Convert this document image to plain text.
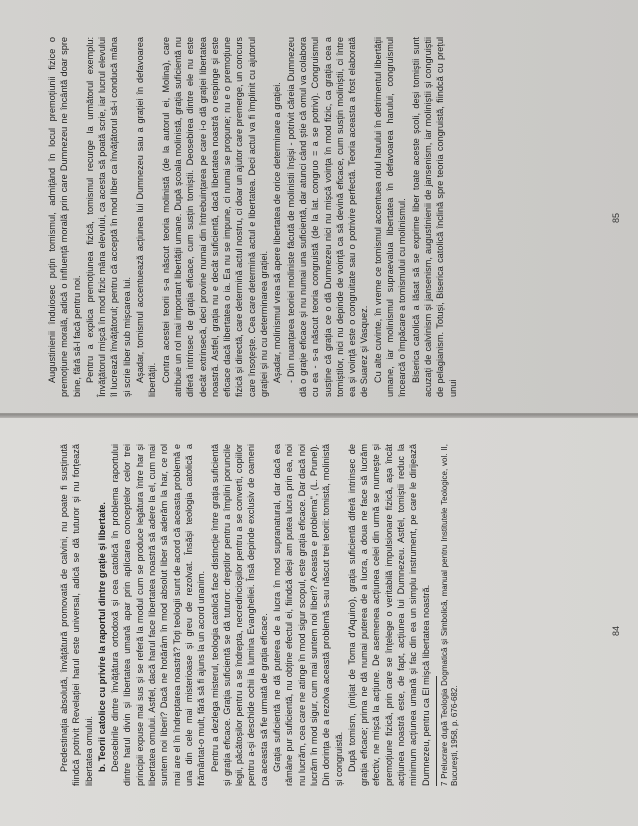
Predestinația absolută, învățătură promovată de calvini, nu poate fi susținută fiindcă potrivit Revelației harul este universal, adică se dă tuturor și nu forțează libertatea omului. b. Teorii catolice cu privire la raportul dintre grație și libertate. Deosebirile dintre învățătura ortodoxă și cea catolică în problema raportului dintre harul divin și libertatea umană apar prin aplicarea conceptelor celor trei principii expuse mai sus și se referă la modul cum se produce legătura între har și libertatea omului. Astfel, dacă harul face libertatea noastră să adere la el, cum mai suntem noi liberi? Dacă ne hotărâm în mod absolut liber să aderăm la har, ce rol mai are el în îndreptarea noastră? Toți teologii sunt de acord că aceasta problemă e una din cele mai misterioase și greu de rezolvat. Însăși teologia catolică a frământat-o mult, fără să fi ajuns la un acord unanim. Pentru a dezlega misterul, teologia catolică face distincție între grația suficientă și grația eficace. Grația suficientă se dă tuturor: dreptilor pentru a împlini poruncile legii, păcătoșilor pentru a se îndrepta, necredincioșilor pentru a se converti, copiilor pentru a-și deschide ochii la lumina Evangheliei. Însă depinde exclusiv de oameni ca aceasta să fie urmată de grația eficace. Grația suficientă ne dă puterea de a lucra în mod supranatural, dar dacă ea rămâne pur suficientă, nu obține efectul ei, fiindcă deși am putea lucra prin ea, noi nu lucrăm, cea care ne atinge în mod sigur scopul, este grația eficace. Dar dacă noi lucrăm în mod sigur, cum mai suntem noi liberi? Aceasta e problema", (L. Prunel). Din dorința de a rezolva această problemă s-au născut trei teorii: tomistă, molinistă și congruistă. După tomism, (inițiat de Toma d'Aquino), grația suficientă diferă intrinsec de grația eficace; prima ne dă numai puterea de a lucra, a doua ne face să lucrăm efectiv, ne mișcă la acțiune. De asemenea acțiunea celei din urmă se numește și premoțiune fizică, prin care se înțelege o veritabilă impulsionare fizică, așa încât acțiunea noastră este, de fapt, acțiunea lui Dumnezeu. Astfel, tomiștii reduc la minimum acțiunea umană și fac din ea un simplu instrument, pe care le dirijează Dumnezeu, pentru ca El mișcă libertatea noastră. 7 Prelucrare după Teologia Dogmatică și Simbolică, manual pentru Institutele Teologice, vol. II, București, 1958, p. 676-682.

84

Augustinienii înduioseс puțin tomismul, admițând în locul premoțiunii fizice o premoțiune morală, adică o influență morală prin care Dumnezeu ne încântă doar spre bine, fără să-l facă pentru noi. Pentru a explica premoțiunea fizică, tomismul recurge la următorul exemplu: Învățătorul mișcă în mod fizic mâna elevului, ca acesta să poată scrie, iar lucrul elevului îl lucrează învățătorul; pentru că acceptă în mod liber ca învățătorul să-i conducă mâna și scrie liber sub mișcarea lui. Așadar, tomismul accentuează acțiunea lui Dumnezeu sau a grației în defavoarea libertății. Contra acestei teorii s-a născut teoria molinistă (de la autorul ei, Molina), care atribuie un rol mai important libertății umane. După școala molinistă, grația suficientă nu diferă intrinsec de grația eficace, cum susțin tomiștii. Deosebirea dintre ele nu este decât extrinsecă, deci provine numai din întrebuințarea pe care i-o dă grației libertatea noastră. Astfel, grația nu e decât suficientă, dacă libertatea noastră o respinge și este eficace dacă libertatea o ia. Ea nu se impune, ci numai se propune; nu e o premoțiune fizică și directă, care determină actul nostru, ci doar un ajutor care premerge, un concurs care însoțește. Cea care determină actul e libertatea. Deci actul va fi împlinit cu ajutorul grației și nu cu determinarea grației. Așadar, molinismul vrea să apere libertatea de orice determinare a grației. - Din nuanțarea teoriei moliniste făcută de molinistii înșiși - potrivit căreia Dumnezeu dă o grație eficace și nu numai una suficientă, dar atunci când știe că omul va colabora cu ea - s-a născut teoria congruistă (de la lat. congruo = a se potrivi). Congruismul susține că grația ce o dă Dumnezeu nici nu mișcă voința în mod fizic, ca grația cea a tomiștilor, nici nu depinde de voință ca să devină eficace, cum susțin moliniștii, ci între ea și voință este o congruitate sau o potrivire perfectă. Teoria aceasta a fost elaborată de Suarez și Vasquez. Cu alte cuvinte, în vreme ce tomismul accentuea rolul harului în detrimentul libertății umane, iar molinismul supraevalua libertatea în defavoarea harului, congruismul încearcă o împăcare a tomismului cu molinismul. Biserica catolică a lăsat să se exprime liber toate aceste școli, deși tomiștii sunt acuzați de calvinism și jansenism, augustinienii de jansenism, iar moliniștii și congruiștii de pelagianism. Totuși, Biserica catolică înclină spre teoria congruistă, fiindcă cu prețul unui

85
